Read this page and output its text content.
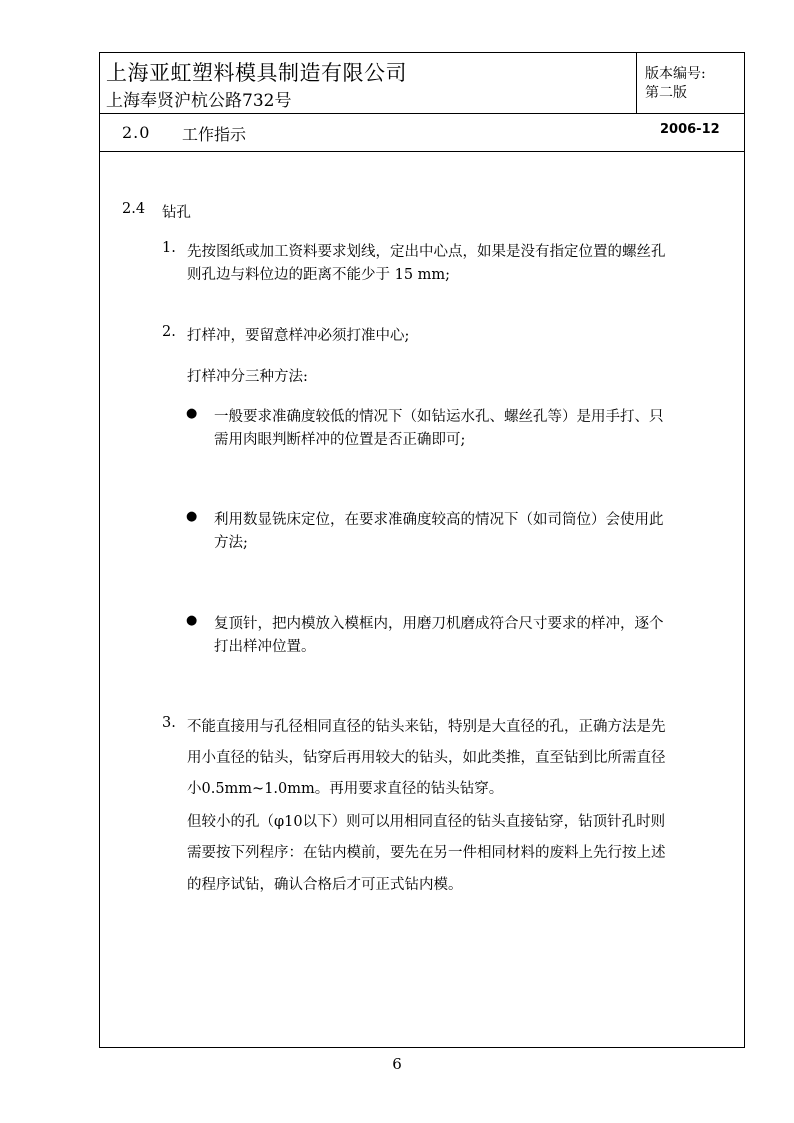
上海亚虹塑料模具制造有限公司
上海奉贤沪杭公路732号
版本编号:
第二版
2.0 工作指示	2006-12
2.4 钻孔
1. 先按图纸或加工资料要求划线，定出中心点，如果是没有指定位置的螺丝孔
则孔边与料位边的距离不能少于 15 mm;
2. 打样冲，要留意样冲必须打准中心;
打样冲分三种方法:
● 一般要求准确度较低的情况下（如钻运水孔、螺丝孔等）是用手打、只
需用肉眼判断样冲的位置是否正确即可;
● 利用数显铣床定位，在要求准确度较高的情况下（如司筒位）会使用此
方法;
● 复顶针，把内模放入模框内，用磨刀机磨成符合尺寸要求的样冲，逐个
打出样冲位置。
3. 不能直接用与孔径相同直径的钻头来钻，特别是大直径的孔，正确方法是先
用小直径的钻头，钻穿后再用较大的钻头，如此类推，直至钻到比所需直径
小0.5mm~1.0mm。再用要求直径的钻头钻穿。
但较小的孔（φ10以下）则可以用相同直径的钻头直接钻穿，钻顶针孔时则
需要按下列程序：在钻内模前，要先在另一件相同材料的废料上先行按上述
的程序试钻，确认合格后才可正式钻内模。
6
